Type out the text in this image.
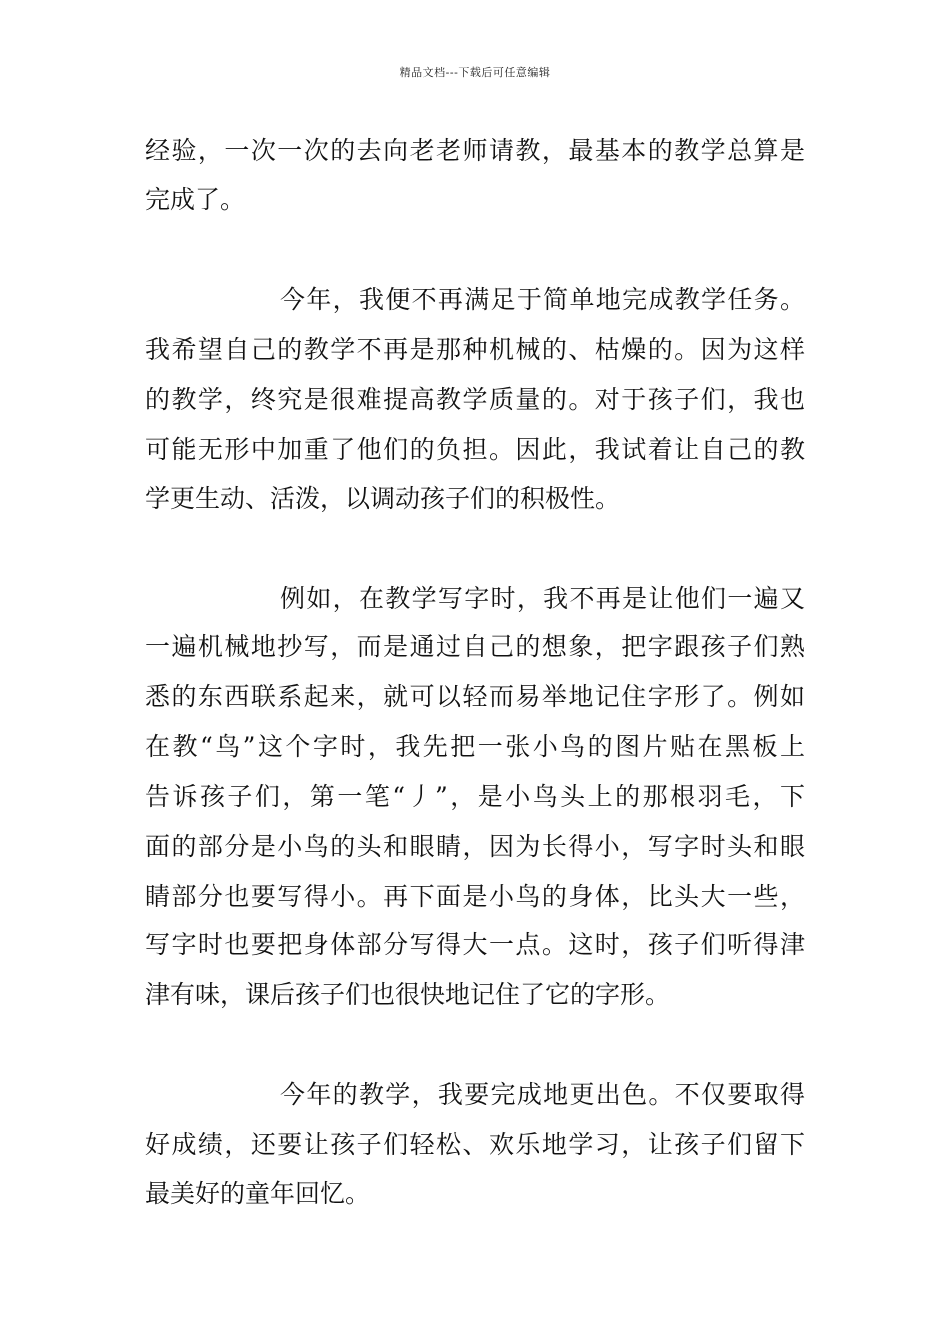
精品文档---下载后可任意编辑
经验，一次一次的去向老老师请教，最基本的教学总算是
完成了。
今年，我便不再满足于简单地完成教学任务。
我希望自己的教学不再是那种机械的、枯燥的。因为这样
的教学，终究是很难提高教学质量的。对于孩子们，我也
可能无形中加重了他们的负担。因此，我试着让自己的教
学更生动、活泼，以调动孩子们的积极性。
例如，在教学写字时，我不再是让他们一遍又
一遍机械地抄写，而是通过自己的想象，把字跟孩子们熟
悉的东西联系起来，就可以轻而易举地记住字形了。例如
在教“鸟”这个字时，我先把一张小鸟的图片贴在黑板上
告诉孩子们，第一笔“丿”，是小鸟头上的那根羽毛，下
面的部分是小鸟的头和眼睛，因为长得小，写字时头和眼
睛部分也要写得小。再下面是小鸟的身体，比头大一些，
写字时也要把身体部分写得大一点。这时，孩子们听得津
津有味，课后孩子们也很快地记住了它的字形。
今年的教学，我要完成地更出色。不仅要取得
好成绩，还要让孩子们轻松、欢乐地学习，让孩子们留下
最美好的童年回忆。
